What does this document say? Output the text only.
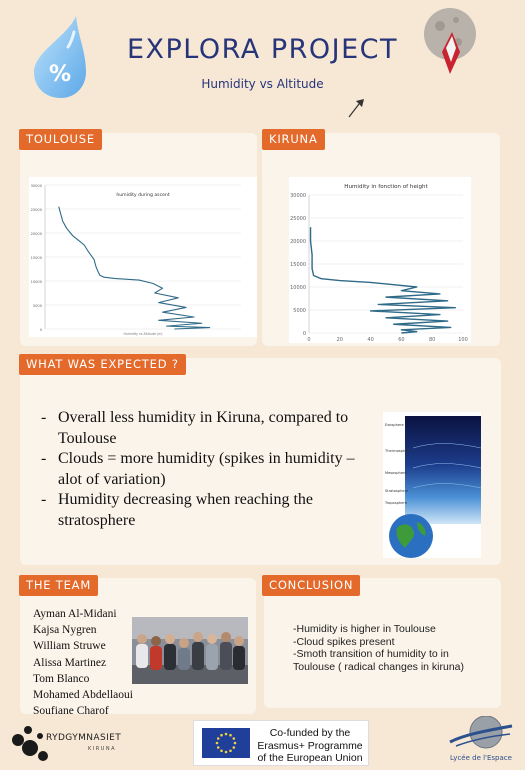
%
EXPLORA PROJECT
Humidity vs Altitude
TOULOUSE
0
5000
10000
15000
20000
25000
30000
humidity during ascent
Humidity vs Altitude (m)
KIRUNA
0
5000
10000
15000
20000
25000
30000
0	20	40	60	80	100
Humidity in fonction of height
WHAT WAS EXPECTED ?
- Overall less humidity in Kiruna, compared to Toulouse
- Clouds = more humidity (spikes in humidity – alot of variation)
- Humidity decreasing when reaching the stratosphere
Exosphere
Thermosphere
Mesosphere
Stratosphere
Troposphere
THE TEAM
Ayman Al-Midani
Kajsa Nygren
William Struwe
Alissa Martinez
Tom Blanco
Mohamed Abdellaoui
Soufiane Charof
CONCLUSION
-Humidity is higher in Toulouse
-Cloud spikes present
-Smoth transition of humidity to in Toulouse ( radical changes in kiruna)
RYDGYMNASIET
KIRUNA
Co-funded by the Erasmus+ Programme of the European Union	Lycée de l'Espace
